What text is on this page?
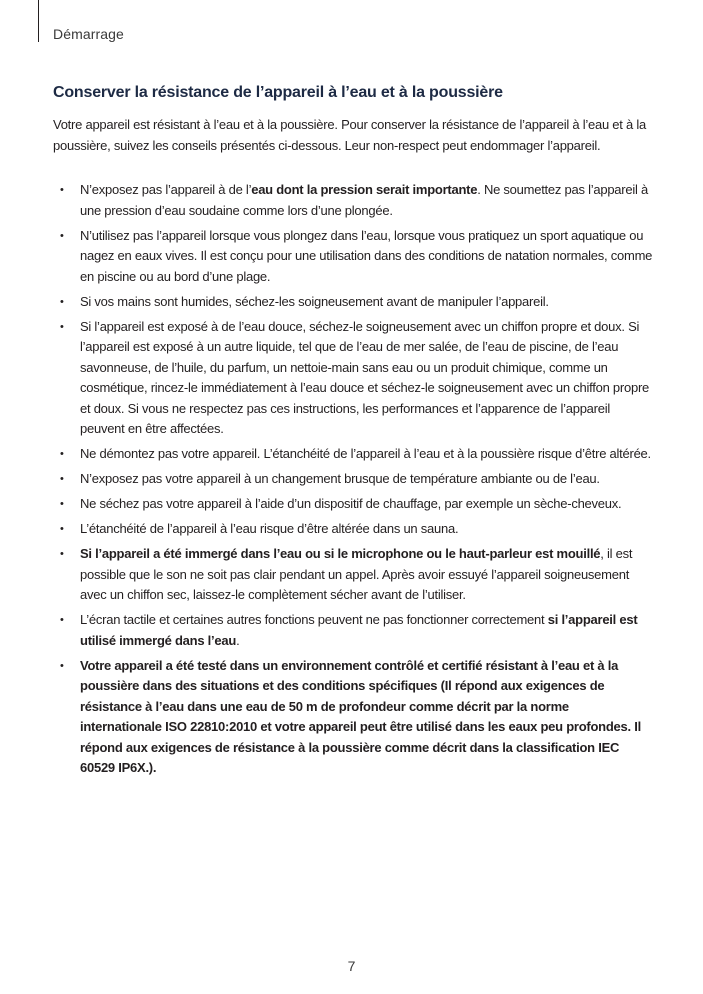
Démarrage
Conserver la résistance de l’appareil à l’eau et à la poussière

Votre appareil est résistant à l’eau et à la poussière. Pour conserver la résistance de l’appareil à l’eau et à la poussière, suivez les conseils présentés ci-dessous. Leur non-respect peut endommager l’appareil.

• N’exposez pas l’appareil à de l’eau dont la pression serait importante. Ne soumettez pas l’appareil à une pression d’eau soudaine comme lors d’une plongée.
• N’utilisez pas l’appareil lorsque vous plongez dans l’eau, lorsque vous pratiquez un sport aquatique ou nagez en eaux vives. Il est conçu pour une utilisation dans des conditions de natation normales, comme en piscine ou au bord d’une plage.
• Si vos mains sont humides, séchez-les soigneusement avant de manipuler l’appareil.
• Si l’appareil est exposé à de l’eau douce, séchez-le soigneusement avec un chiffon propre et doux. Si l’appareil est exposé à un autre liquide, tel que de l’eau de mer salée, de l’eau de piscine, de l’eau savonneuse, de l’huile, du parfum, un nettoie-main sans eau ou un produit chimique, comme un cosmétique, rincez-le immédiatement à l’eau douce et séchez-le soigneusement avec un chiffon propre et doux. Si vous ne respectez pas ces instructions, les performances et l’apparence de l’appareil peuvent en être affectées.
• Ne démontez pas votre appareil. L’étanchéité de l’appareil à l’eau et à la poussière risque d’être altérée.
• N’exposez pas votre appareil à un changement brusque de température ambiante ou de l’eau.
• Ne séchez pas votre appareil à l’aide d’un dispositif de chauffage, par exemple un sèche-cheveux.
• L’étanchéité de l’appareil à l’eau risque d’être altérée dans un sauna.
• Si l’appareil a été immergé dans l’eau ou si le microphone ou le haut-parleur est mouillé, il est possible que le son ne soit pas clair pendant un appel. Après avoir essuyé l’appareil soigneusement avec un chiffon sec, laissez-le complètement sécher avant de l’utiliser.
• L’écran tactile et certaines autres fonctions peuvent ne pas fonctionner correctement si l’appareil est utilisé immergé dans l’eau.
• Votre appareil a été testé dans un environnement contrôlé et certifié résistant à l’eau et à la poussière dans des situations et des conditions spécifiques (Il répond aux exigences de résistance à l’eau dans une eau de 50 m de profondeur comme décrit par la norme internationale ISO 22810:2010 et votre appareil peut être utilisé dans les eaux peu profondes. Il répond aux exigences de résistance à la poussière comme décrit dans la classification IEC 60529 IP6X.).
7
